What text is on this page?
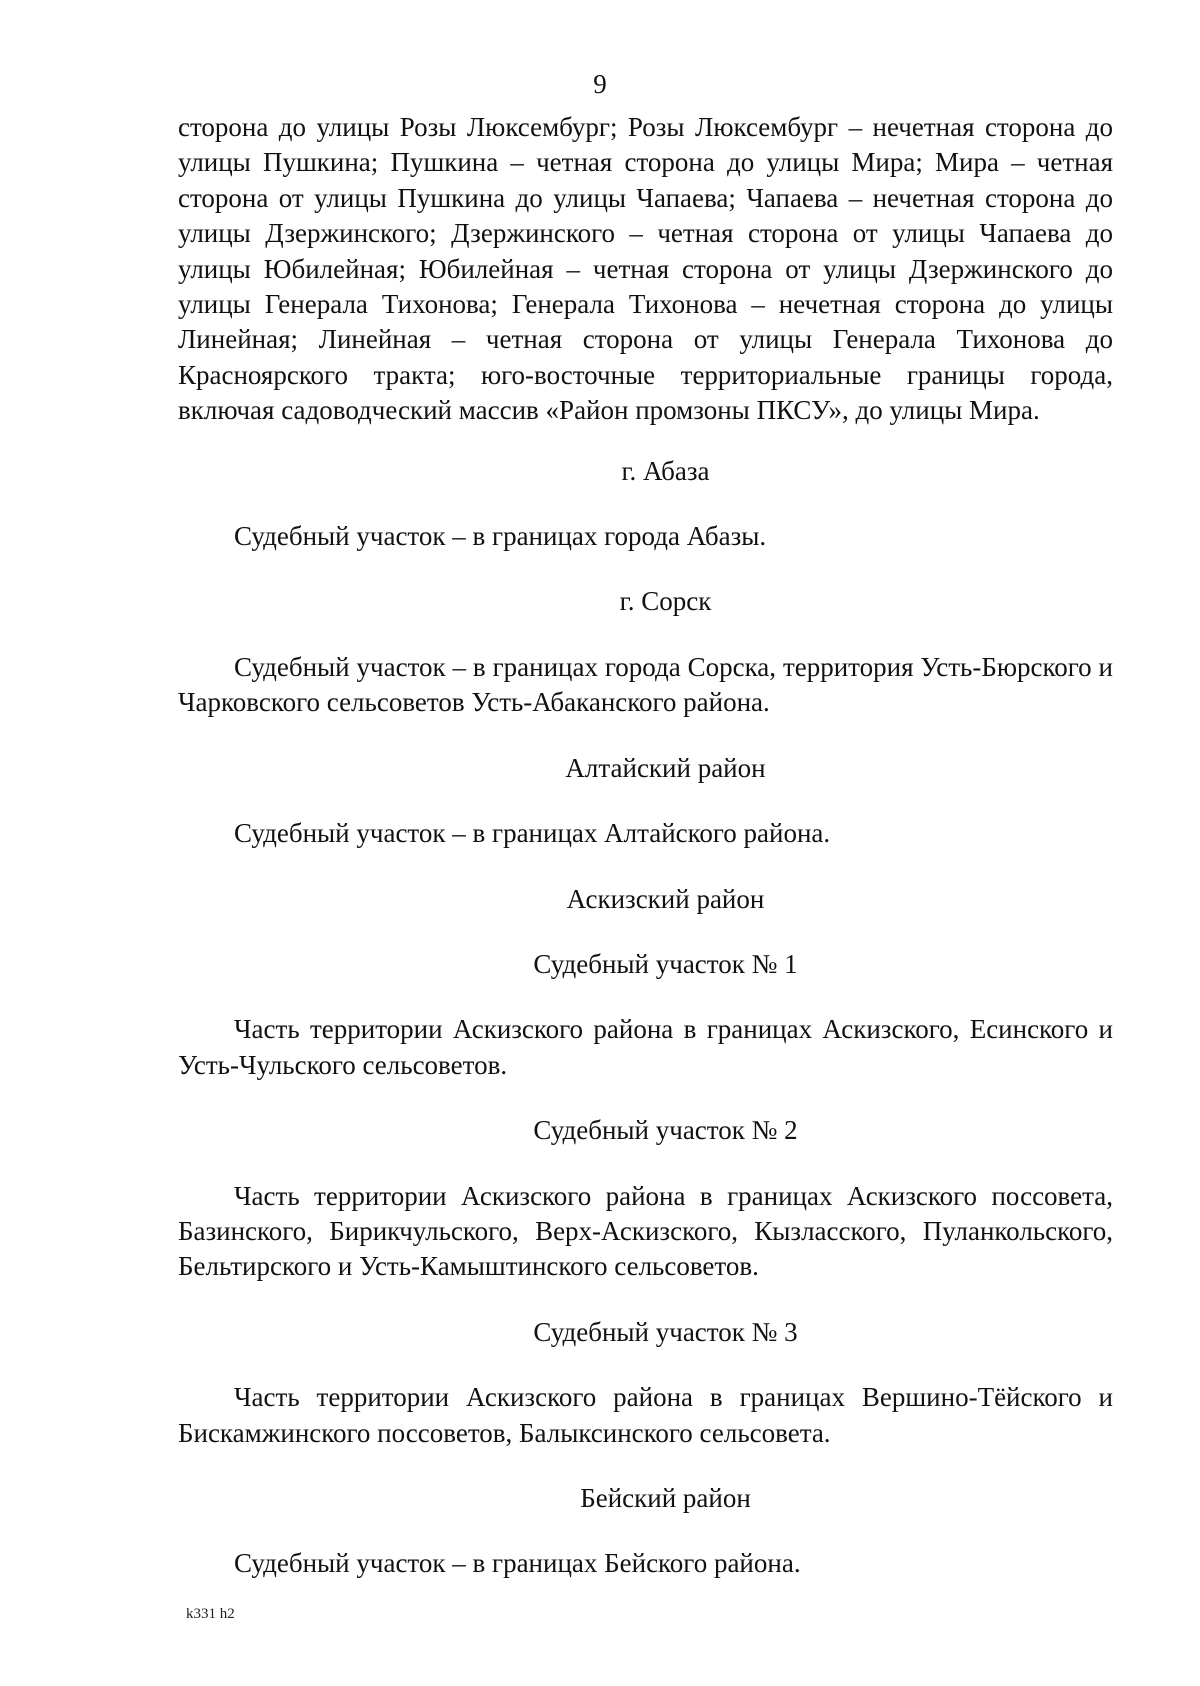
9

сторона до улицы Розы Люксембург; Розы Люксембург – нечетная сторона до улицы Пушкина; Пушкина – четная сторона до улицы Мира; Мира – четная сторона от улицы Пушкина до улицы Чапаева; Чапаева – нечетная сторона до улицы Дзержинского; Дзержинского – четная сторона от улицы Чапаева до улицы Юбилейная; Юбилейная – четная сторона от улицы Дзержинского до улицы Генерала Тихонова; Генерала Тихонова – нечетная сторона до улицы Линейная; Линейная – четная сторона от улицы Генерала Тихонова до Красноярского тракта; юго-восточные территориальные границы города, включая садоводческий массив «Район промзоны ПКСУ», до улицы Мира.

г. Абаза

Судебный участок – в границах города Абазы.

г. Сорск

Судебный участок – в границах города Сорска, территория Усть-Бюрского и Чарковского сельсоветов Усть-Абаканского района.

Алтайский район

Судебный участок – в границах Алтайского района.

Аскизский район

Судебный участок № 1

Часть территории Аскизского района в границах Аскизского, Есинского и Усть-Чульского сельсоветов.

Судебный участок № 2

Часть территории Аскизского района в границах Аскизского поссовета, Базинского, Бирикчульского, Верх-Аскизского, Кызласского, Пуланкольского, Бельтирского и Усть-Камыштинского сельсоветов.

Судебный участок № 3

Часть территории Аскизского района в границах Вершино-Тёйского и Бискамжинского поссоветов, Балыксинского сельсовета.

Бейский район

Судебный участок – в границах Бейского района.

k331 h2
